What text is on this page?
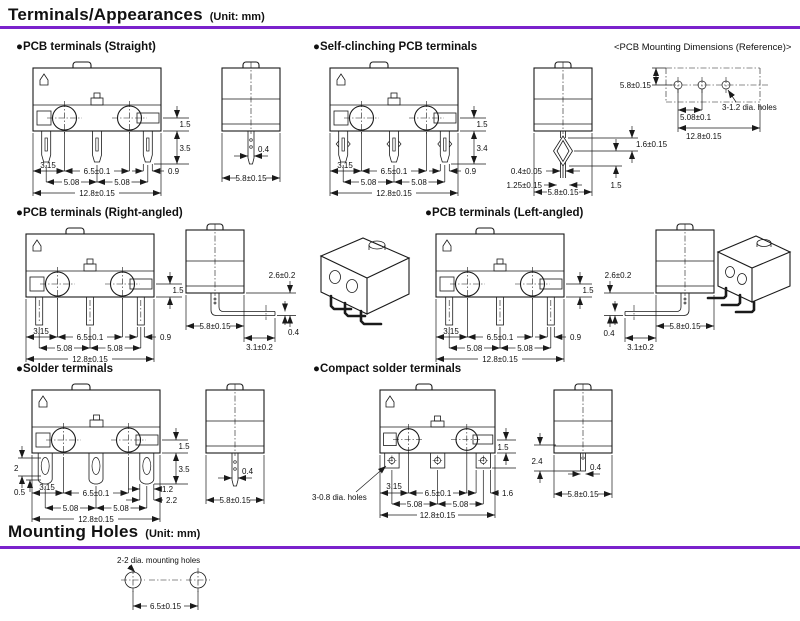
Terminals/Appearances (Unit: mm)
●PCB terminals (Straight)	●Self-clinching PCB terminals	<PCB Mounting Dimensions (Reference)>
1.5
3.5
3.15
6.5±0.1	0.9
5.08	5.08
12.8±0.15
0.4
5.8±0.15
1.5
3.4
3.15
6.5±0.1	0.9
5.08	5.08
12.8±0.15
1.6±0.15
1.5
0.4±0.05
1.25±0.15
5.8±0.15
5.8±0.15
5.08±0.1
12.8±0.15
3-1.2 dia. holes
●PCB terminals (Right-angled)	●PCB terminals (Left-angled)
1.5
3.15
6.5±0.1	0.9
5.08	5.08
12.8±0.15
2.6±0.2
0.4
5.8±0.15
3.1±0.2
1.5
3.15
6.5±0.1	0.9
5.08	5.08
12.8±0.15
2.6±0.2
0.4
5.8±0.15
3.1±0.2
●Solder terminals	●Compact solder terminals
2
0.5
1.5
3.5
1.2
2.2
3.15
6.5±0.1
5.08	5.08
12.8±0.15
0.4
5.8±0.15
1.5
3.15
6.5±0.1	1.6
5.08	5.08
12.8±0.15
3-0.8 dia. holes
2.4
0.4
5.8±0.15
Mounting Holes (Unit: mm)
2-2 dia. mounting holes
6.5±0.15
